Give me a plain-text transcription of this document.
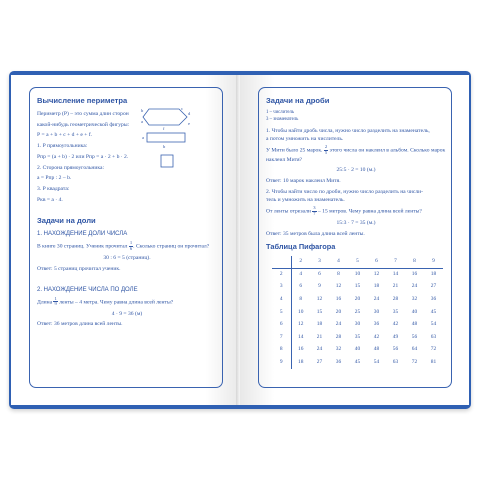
b	c
d
a
f
e
a
b
Вычисление периметра
Периметр (Р) – это сумма длин сторон
какой-нибудь геометрической фигуры:
Р = a + b + c + d + e + f.
1. Р прямоугольника:
Рпр = (a + b) · 2 или Рпр = a · 2 + b · 2.
2. Сторона прямоугольника:
a = Рпр : 2 – b.
3. Р квадрата:
Ркв = a · 4.
Задачи на доли
1. НАХОЖДЕНИЕ ДОЛИ ЧИСЛА
В книге 30 страниц. Ученик прочитал $\frac{1}{6}$ . Сколько страниц он прочитал?
30 : 6 = 5 (страниц).
Ответ: 5 страниц прочитал ученик.
2. НАХОЖДЕНИЕ ЧИСЛА ПО ДОЛЕ
Длина $\frac{1}{9}$ ленты – 4 метра. Чему равна длина всей ленты?
4 · 9 = 36 (м)
Ответ: 36 метров длина всей ленты.
Задачи на дроби
1 – числитель
3 – знаменатель
1. Чтобы найти дробь числа, нужно число разделить на знаменатель,
а потом умножить на числитель.
У Мити было 25 марок. $\frac{2}{5}$ этого числа он наклеил в альбом. Сколько марок
наклеил Митя?
25:5 · 2 = 10 (м.)
Ответ: 10 марок наклеил Митя.
2. Чтобы найти число по дроби, нужно число разделить на числи-
тель и умножить на знаменатель.
От ленты отрезали $\frac{3}{7} - 15$ метров. Чему равна длина всей ленты?
15:3 · 7 = 35 (м.)
Ответ: 35 метров была длина всей ленты.
Таблица Пифагора
	2	3	4	5	6	7	8	9
2	4	6	8	10	12	14	16	18
3	6	9	12	15	18	21	24	27
4	8	12	16	20	24	28	32	36
5	10	15	20	25	30	35	40	45
6	12	18	24	30	36	42	48	54
7	14	21	28	35	42	49	56	63
8	16	24	32	40	48	56	64	72
9	18	27	36	45	54	63	72	81
